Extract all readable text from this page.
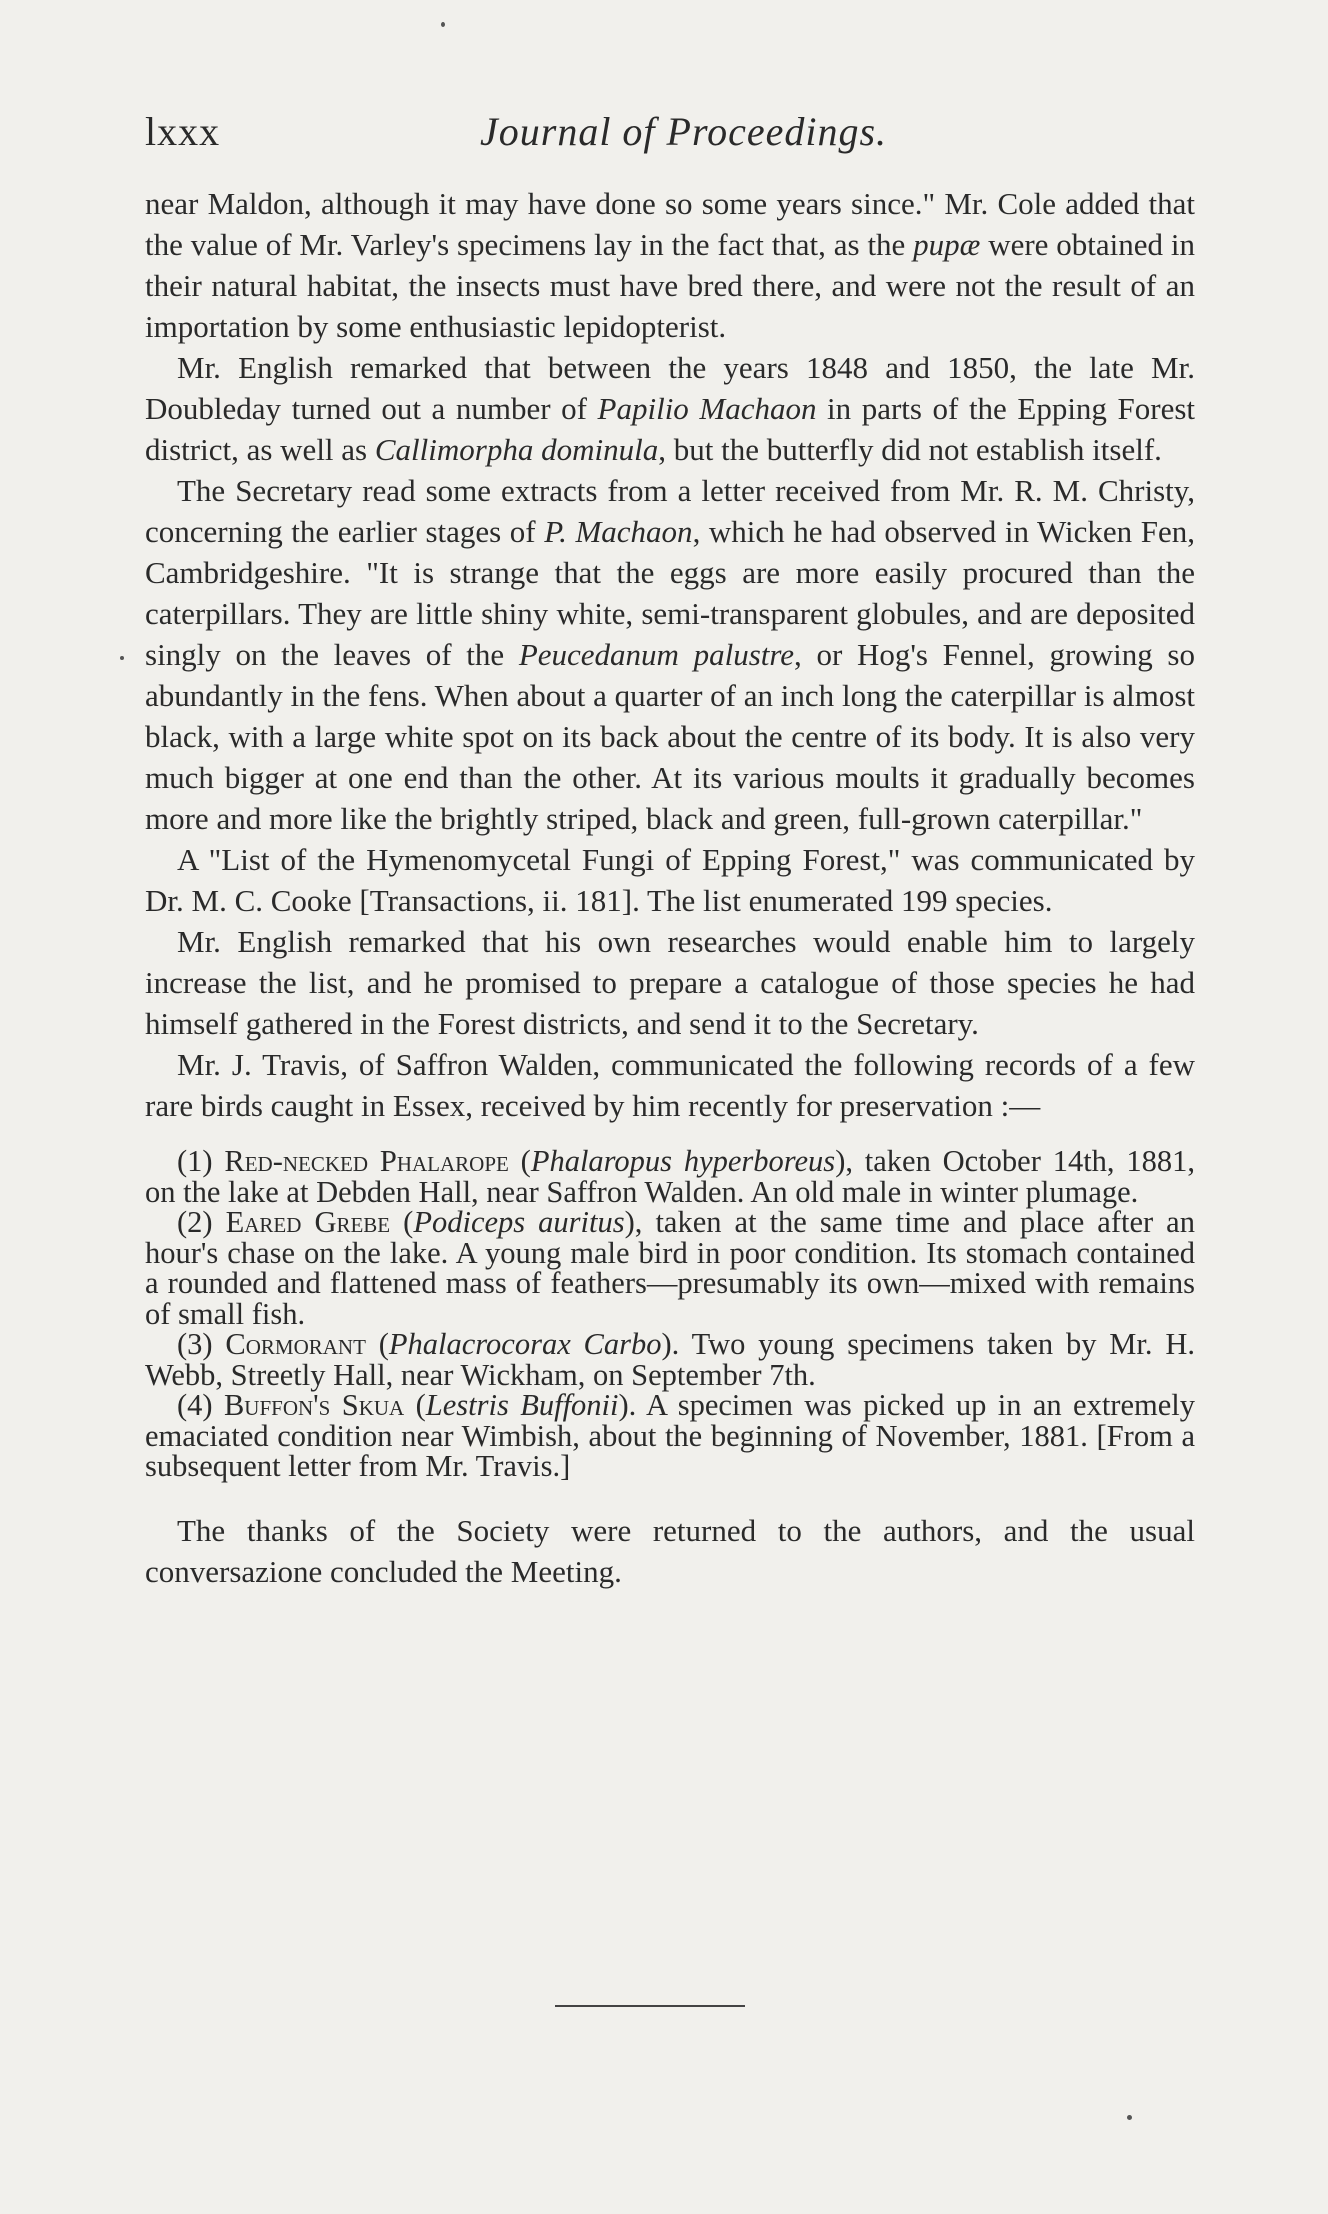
lxxx	Journal of Proceedings.

near Maldon, although it may have done so some years since." Mr. Cole added that the value of Mr. Varley's specimens lay in the fact that, as the pupæ were obtained in their natural habitat, the insects must have bred there, and were not the result of an importation by some enthusiastic lepidopterist.

Mr. English remarked that between the years 1848 and 1850, the late Mr. Doubleday turned out a number of Papilio Machaon in parts of the Epping Forest district, as well as Callimorpha dominula, but the butterfly did not establish itself.

The Secretary read some extracts from a letter received from Mr. R. M. Christy, concerning the earlier stages of P. Machaon, which he had observed in Wicken Fen, Cambridgeshire. "It is strange that the eggs are more easily procured than the caterpillars. They are little shiny white, semi-transparent globules, and are deposited singly on the leaves of the Peucedanum palustre, or Hog's Fennel, growing so abundantly in the fens. When about a quarter of an inch long the caterpillar is almost black, with a large white spot on its back about the centre of its body. It is also very much bigger at one end than the other. At its various moults it gradually becomes more and more like the brightly striped, black and green, full-grown caterpillar."

A "List of the Hymenomycetal Fungi of Epping Forest," was communicated by Dr. M. C. Cooke [Transactions, ii. 181]. The list enumerated 199 species.

Mr. English remarked that his own researches would enable him to largely increase the list, and he promised to prepare a catalogue of those species he had himself gathered in the Forest districts, and send it to the Secretary.

Mr. J. Travis, of Saffron Walden, communicated the following records of a few rare birds caught in Essex, received by him recently for preservation :—

(1) Red-necked Phalarope (Phalaropus hyperboreus), taken October 14th, 1881, on the lake at Debden Hall, near Saffron Walden. An old male in winter plumage.

(2) Eared Grebe (Podiceps auritus), taken at the same time and place after an hour's chase on the lake. A young male bird in poor condition. Its stomach contained a rounded and flattened mass of feathers—presumably its own—mixed with remains of small fish.

(3) Cormorant (Phalacrocorax Carbo). Two young specimens taken by Mr. H. Webb, Streetly Hall, near Wickham, on September 7th.

(4) Buffon's Skua (Lestris Buffonii). A specimen was picked up in an extremely emaciated condition near Wimbish, about the beginning of November, 1881. [From a subsequent letter from Mr. Travis.]

The thanks of the Society were returned to the authors, and the usual conversazione concluded the Meeting.
